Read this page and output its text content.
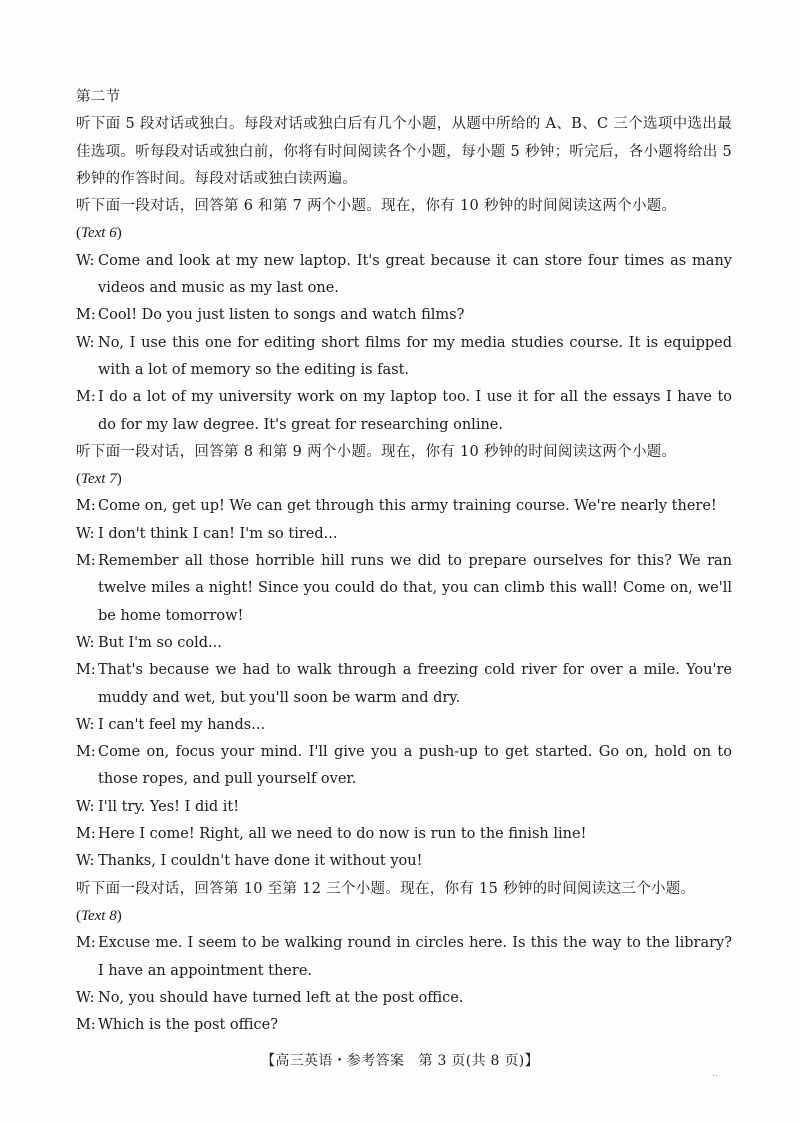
第二节

听下面 5 段对话或独白。每段对话或独白后有几个小题，从题中所给的 A、B、C 三个选项中选出最佳选项。听每段对话或独白前，你将有时间阅读各个小题，每小题 5 秒钟；听完后，各小题将给出 5 秒钟的作答时间。每段对话或独白读两遍。

听下面一段对话，回答第 6 和第 7 两个小题。现在，你有 10 秒钟的时间阅读这两个小题。

(Text 6)

W: Come and look at my new laptop. It's great because it can store four times as many videos and music as my last one.

M: Cool! Do you just listen to songs and watch films?

W: No, I use this one for editing short films for my media studies course. It is equipped with a lot of memory so the editing is fast.

M: I do a lot of my university work on my laptop too. I use it for all the essays I have to do for my law degree. It's great for researching online.

听下面一段对话，回答第 8 和第 9 两个小题。现在，你有 10 秒钟的时间阅读这两个小题。

(Text 7)

M: Come on, get up! We can get through this army training course. We're nearly there!

W: I don't think I can! I'm so tired...

M: Remember all those horrible hill runs we did to prepare ourselves for this? We ran twelve miles a night! Since you could do that, you can climb this wall! Come on, we'll be home tomorrow!

W: But I'm so cold...

M: That's because we had to walk through a freezing cold river for over a mile. You're muddy and wet, but you'll soon be warm and dry.

W: I can't feel my hands...

M: Come on, focus your mind. I'll give you a push-up to get started. Go on, hold on to those ropes, and pull yourself over.

W: I'll try. Yes! I did it!

M: Here I come! Right, all we need to do now is run to the finish line!

W: Thanks, I couldn't have done it without you!

听下面一段对话，回答第 10 至第 12 三个小题。现在，你有 15 秒钟的时间阅读这三个小题。

(Text 8)

M: Excuse me. I seem to be walking round in circles here. Is this the way to the library? I have an appointment there.

W: No, you should have turned left at the post office.

M: Which is the post office?

【高三英语・参考答案　第 3 页(共 8 页)】
..
